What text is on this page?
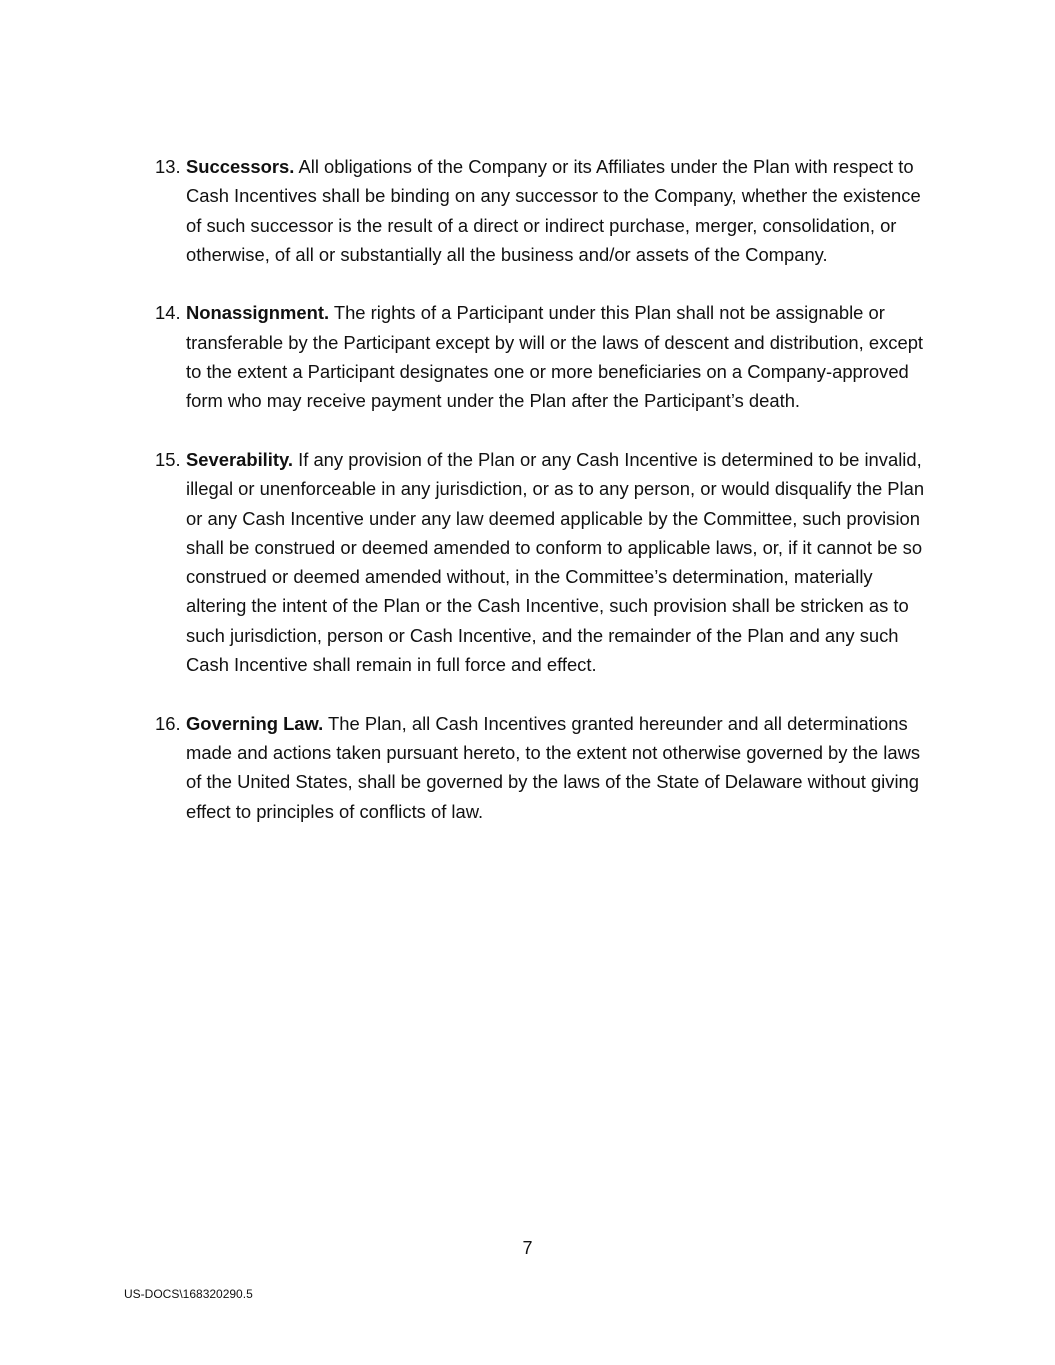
13. Successors. All obligations of the Company or its Affiliates under the Plan with respect to Cash Incentives shall be binding on any successor to the Company, whether the existence of such successor is the result of a direct or indirect purchase, merger, consolidation, or otherwise, of all or substantially all the business and/or assets of the Company.
14. Nonassignment. The rights of a Participant under this Plan shall not be assignable or transferable by the Participant except by will or the laws of descent and distribution, except to the extent a Participant designates one or more beneficiaries on a Company-approved form who may receive payment under the Plan after the Participant’s death.
15. Severability. If any provision of the Plan or any Cash Incentive is determined to be invalid, illegal or unenforceable in any jurisdiction, or as to any person, or would disqualify the Plan or any Cash Incentive under any law deemed applicable by the Committee, such provision shall be construed or deemed amended to conform to applicable laws, or, if it cannot be so construed or deemed amended without, in the Committee’s determination, materially altering the intent of the Plan or the Cash Incentive, such provision shall be stricken as to such jurisdiction, person or Cash Incentive, and the remainder of the Plan and any such Cash Incentive shall remain in full force and effect.
16. Governing Law. The Plan, all Cash Incentives granted hereunder and all determinations made and actions taken pursuant hereto, to the extent not otherwise governed by the laws of the United States, shall be governed by the laws of the State of Delaware without giving effect to principles of conflicts of law.
7
US-DOCS\168320290.5
